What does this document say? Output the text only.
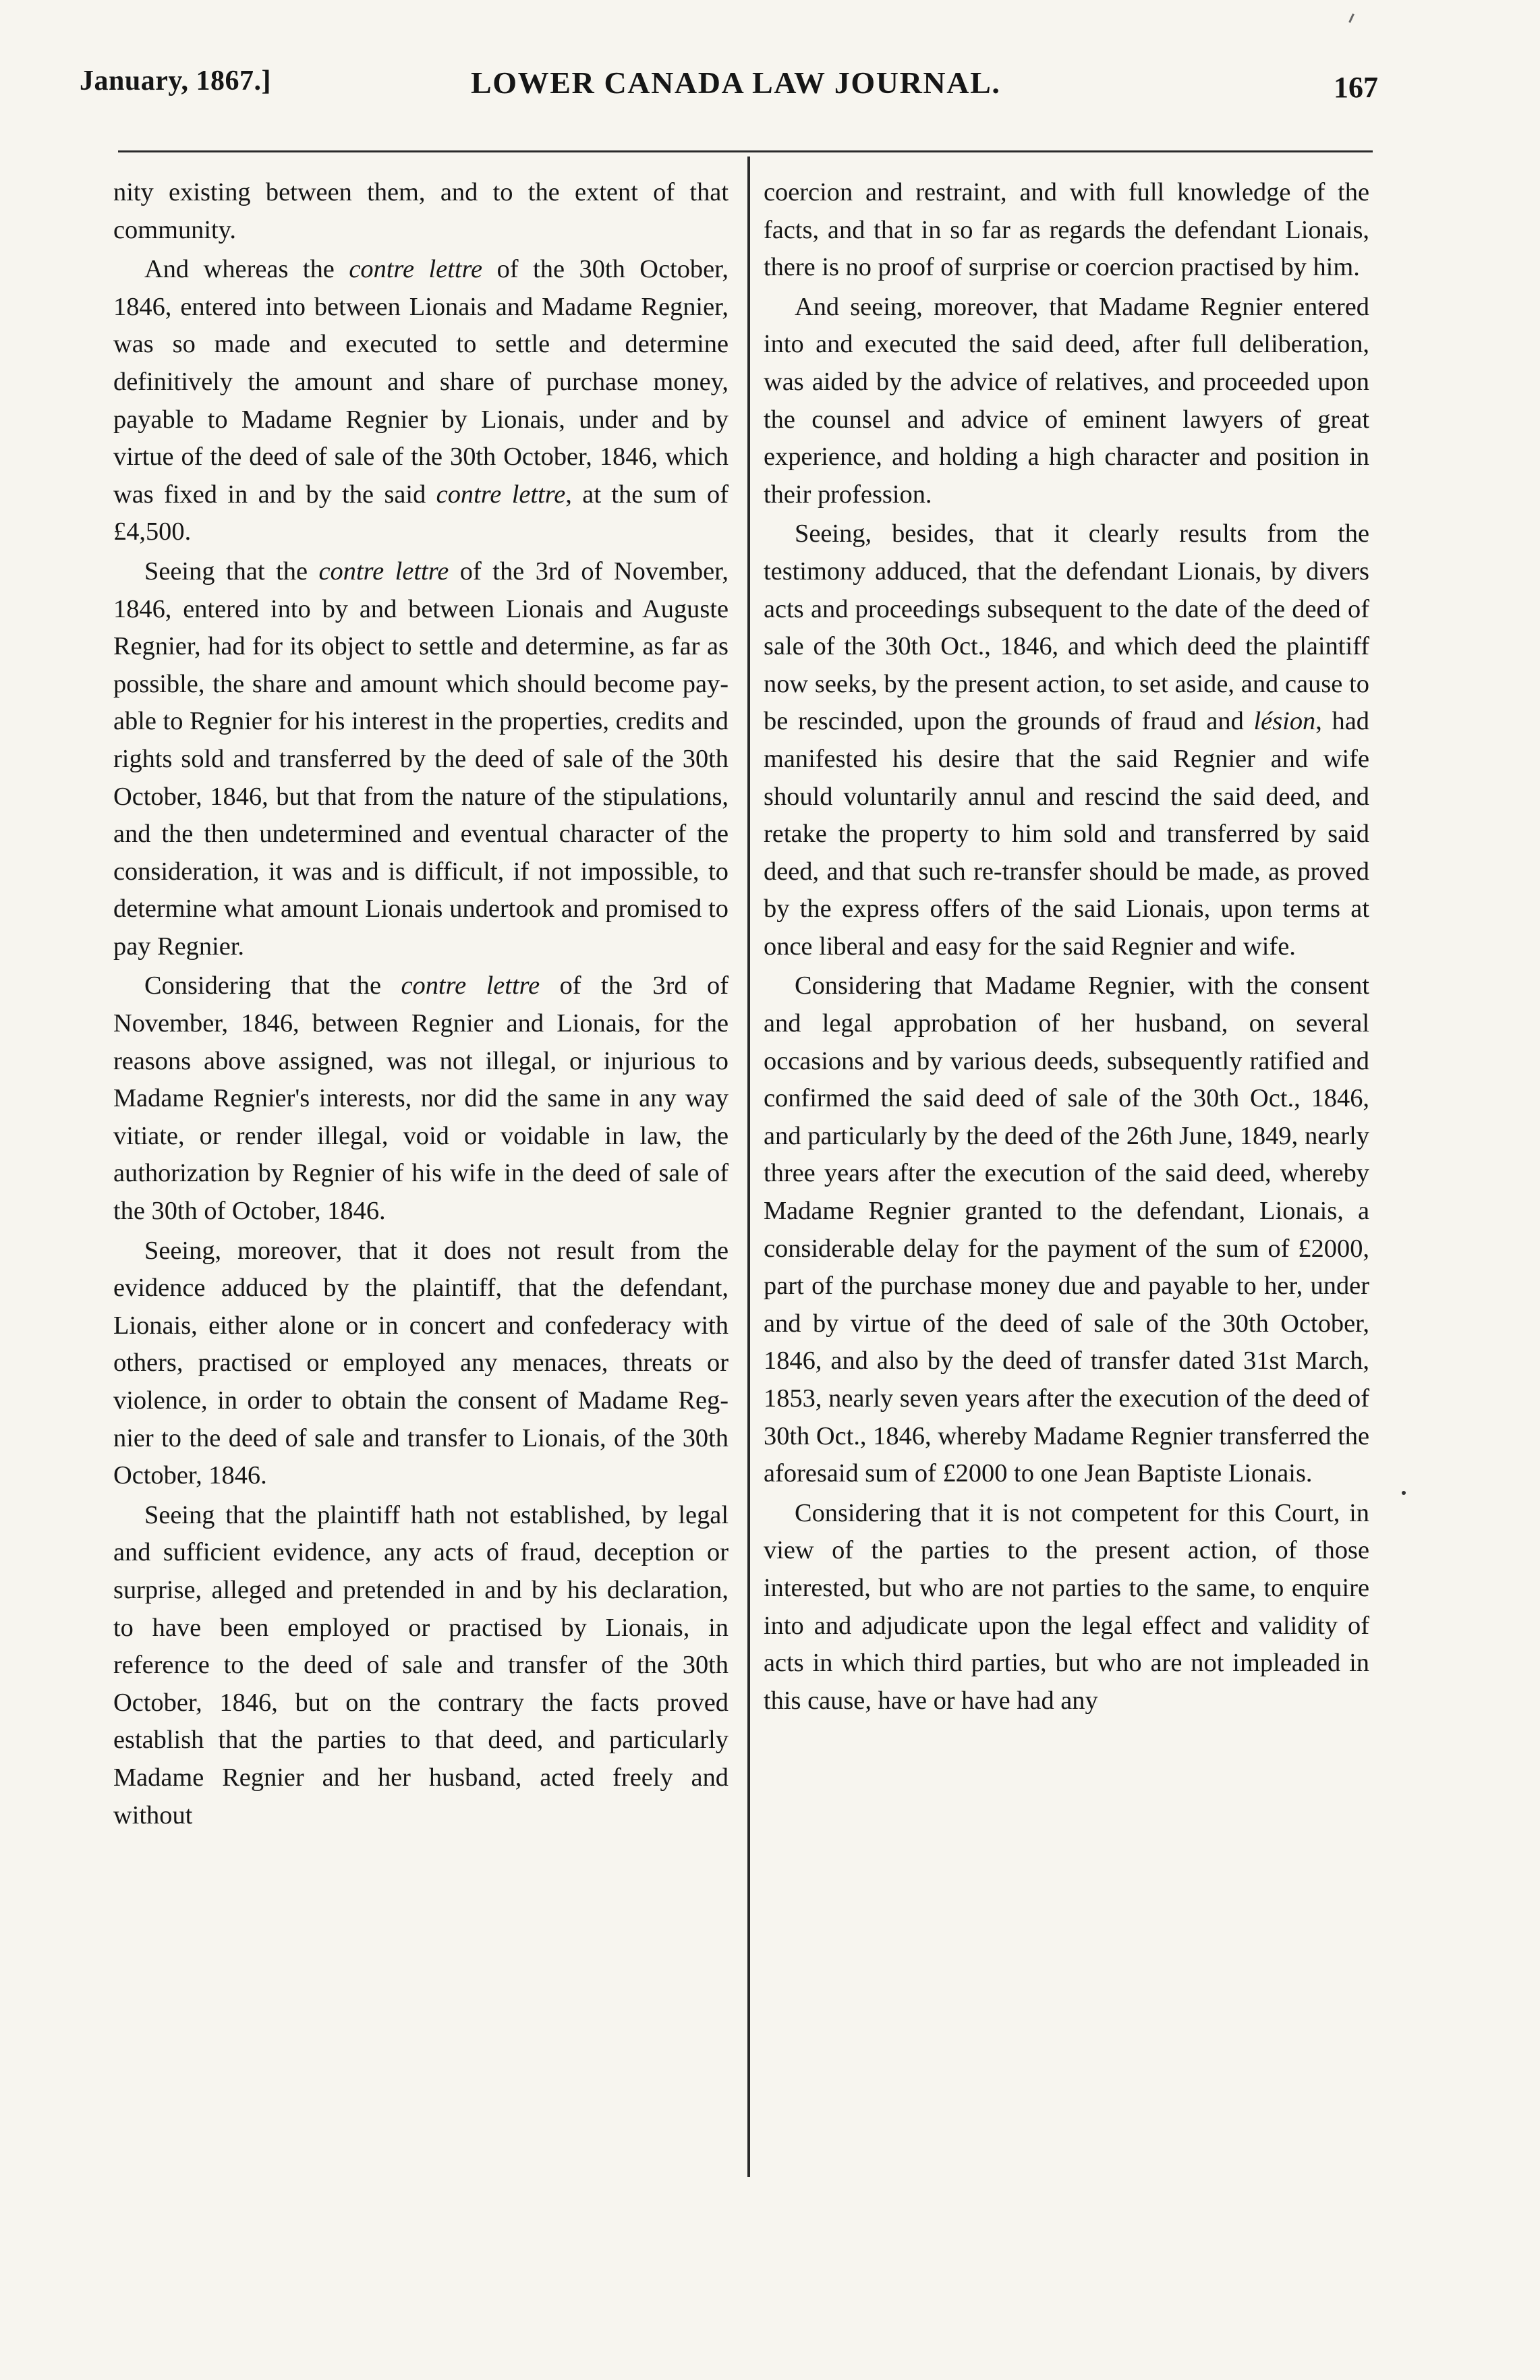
January, 1867.]	LOWER CANADA LAW JOURNAL.	167

nity existing between them, and to the extent of that community.

And whereas the contre lettre of the 30th October, 1846, entered into between Lionais and Madame Regnier, was so made and executed to settle and determine definitively the amount and share of purchase money, payable to Madame Regnier by Lionais, under and by virtue of the deed of sale of the 30th October, 1846, which was fixed in and by the said contre lettre, at the sum of £4,500.

Seeing that the contre lettre of the 3rd of November, 1846, entered into by and between Lionais and Auguste Regnier, had for its object to settle and determine, as far as possible, the share and amount which should become payable to Regnier for his interest in the properties, credits and rights sold and transferred by the deed of sale of the 30th October, 1846, but that from the nature of the stipulations, and the then undetermined and eventual character of the consideration, it was and is difficult, if not impossible, to determine what amount Lionais undertook and promised to pay Regnier.

Considering that the contre lettre of the 3rd of November, 1846, between Regnier and Lionais, for the reasons above assigned, was not illegal, or injurious to Madame Regnier's interests, nor did the same in any way vitiate, or render illegal, void or voidable in law, the authorization by Regnier of his wife in the deed of sale of the 30th of October, 1846.

Seeing, moreover, that it does not result from the evidence adduced by the plaintiff, that the defendant, Lionais, either alone or in concert and confederacy with others, practised or employed any menaces, threats or violence, in order to obtain the consent of Madame Regnier to the deed of sale and transfer to Lionais, of the 30th October, 1846.

Seeing that the plaintiff hath not established, by legal and sufficient evidence, any acts of fraud, deception or surprise, alleged and pretended in and by his declaration, to have been employed or practised by Lionais, in reference to the deed of sale and transfer of the 30th October, 1846, but on the contrary the facts proved establish that the parties to that deed, and particularly Madame Regnier and her husband, acted freely and without

coercion and restraint, and with full knowledge of the facts, and that in so far as regards the defendant Lionais, there is no proof of surprise or coercion practised by him.

And seeing, moreover, that Madame Regnier entered into and executed the said deed, after full deliberation, was aided by the advice of relatives, and proceeded upon the counsel and advice of eminent lawyers of great experience, and holding a high character and position in their profession.

Seeing, besides, that it clearly results from the testimony adduced, that the defendant Lionais, by divers acts and proceedings subsequent to the date of the deed of sale of the 30th Oct., 1846, and which deed the plaintiff now seeks, by the present action, to set aside, and cause to be rescinded, upon the grounds of fraud and lésion, had manifested his desire that the said Regnier and wife should voluntarily annul and rescind the said deed, and retake the property to him sold and transferred by said deed, and that such re-transfer should be made, as proved by the express offers of the said Lionais, upon terms at once liberal and easy for the said Regnier and wife.

Considering that Madame Regnier, with the consent and legal approbation of her husband, on several occasions and by various deeds, subsequently ratified and confirmed the said deed of sale of the 30th Oct., 1846, and particularly by the deed of the 26th June, 1849, nearly three years after the execution of the said deed, whereby Madame Regnier granted to the defendant, Lionais, a considerable delay for the payment of the sum of £2000, part of the purchase money due and payable to her, under and by virtue of the deed of sale of the 30th October, 1846, and also by the deed of transfer dated 31st March, 1853, nearly seven years after the execution of the deed of 30th Oct., 1846, whereby Madame Regnier transferred the aforesaid sum of £2000 to one Jean Baptiste Lionais.

Considering that it is not competent for this Court, in view of the parties to the present action, of those interested, but who are not parties to the same, to enquire into and adjudicate upon the legal effect and validity of acts in which third parties, but who are not impleaded in this cause, have or have had any
